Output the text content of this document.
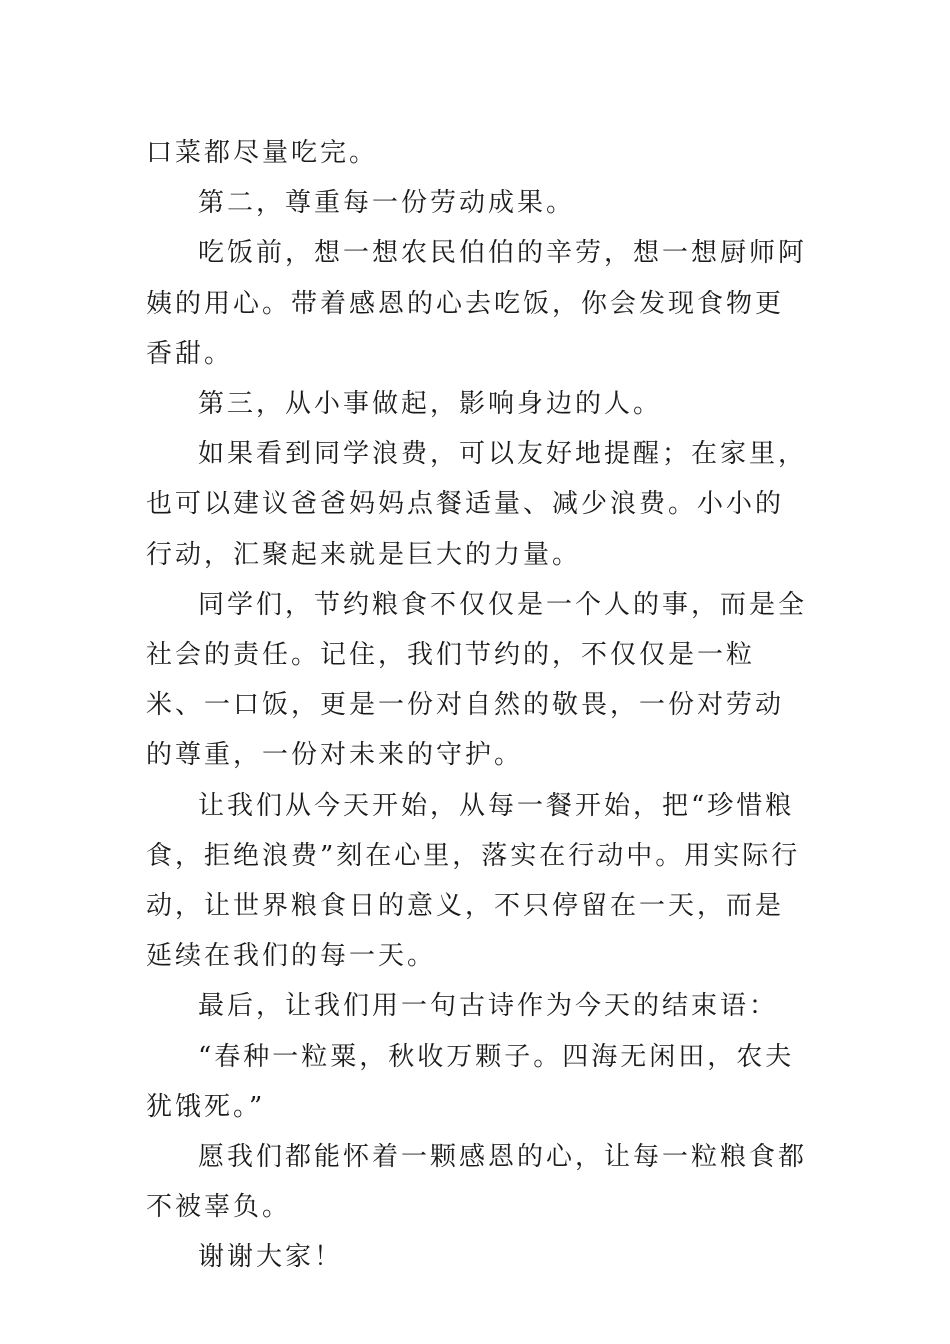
口菜都尽量吃完。

第二，尊重每一份劳动成果。

吃饭前，想一想农民伯伯的辛劳，想一想厨师阿姨的用心。带着感恩的心去吃饭，你会发现食物更香甜。

第三，从小事做起，影响身边的人。

如果看到同学浪费，可以友好地提醒；在家里，也可以建议爸爸妈妈点餐适量、减少浪费。小小的行动，汇聚起来就是巨大的力量。

同学们，节约粮食不仅仅是一个人的事，而是全社会的责任。记住，我们节约的，不仅仅是一粒米、一口饭，更是一份对自然的敬畏，一份对劳动的尊重，一份对未来的守护。

让我们从今天开始，从每一餐开始，把“珍惜粮食，拒绝浪费”刻在心里，落实在行动中。用实际行动，让世界粮食日的意义，不只停留在一天，而是延续在我们的每一天。

最后，让我们用一句古诗作为今天的结束语：

“春种一粒粟，秋收万颗子。四海无闲田，农夫犹饿死。”

愿我们都能怀着一颗感恩的心，让每一粒粮食都不被辜负。

谢谢大家！
